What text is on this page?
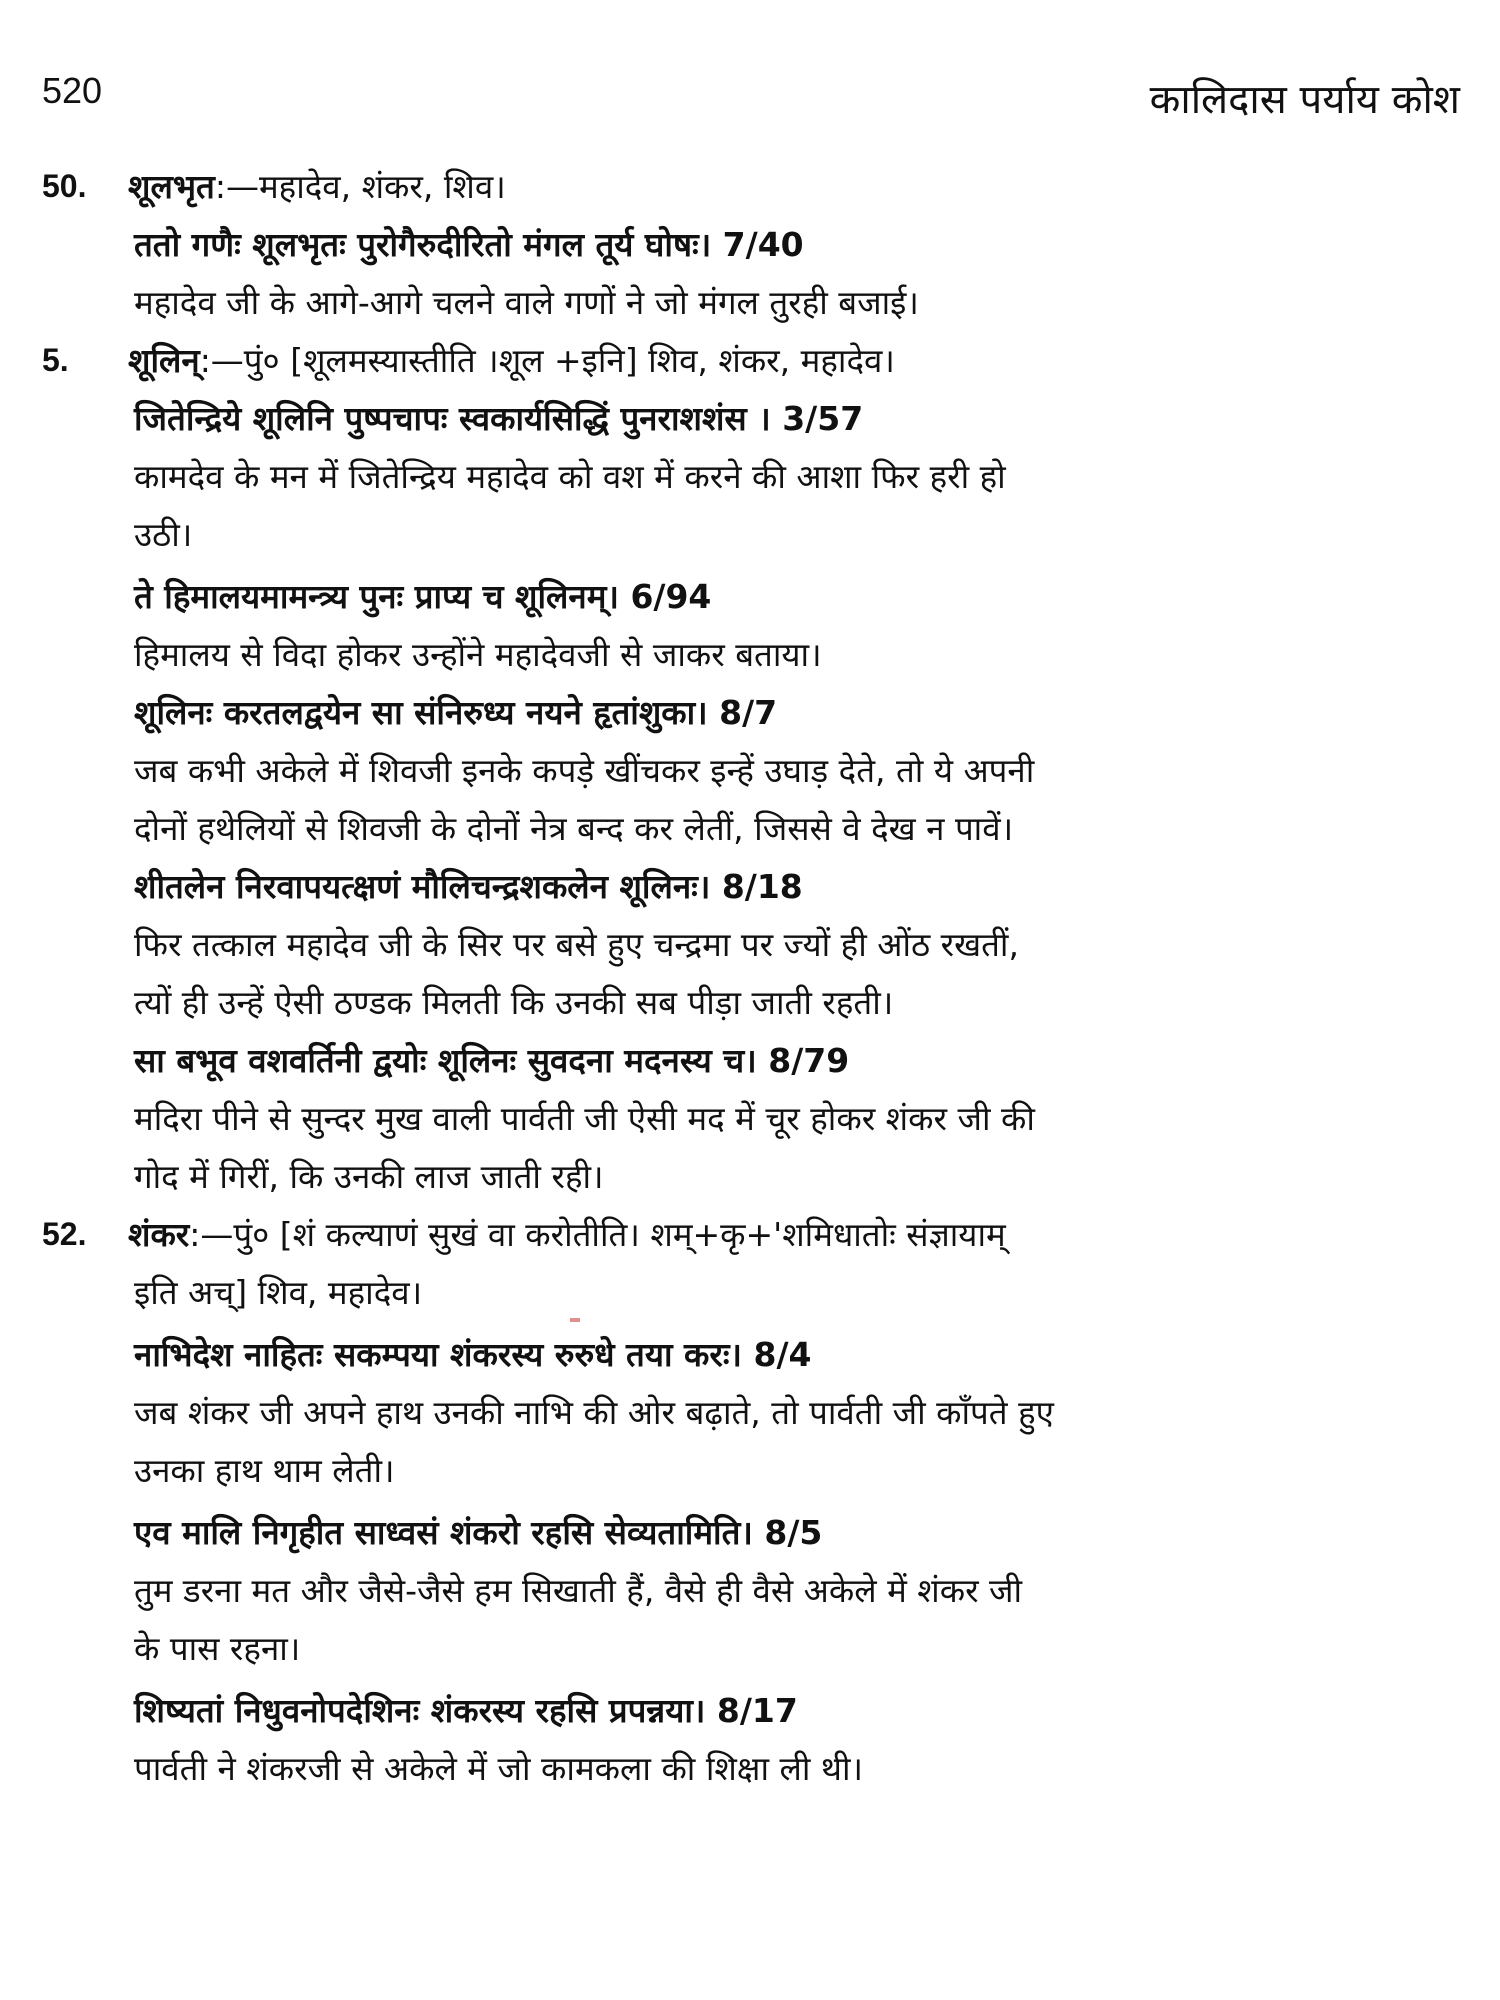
520	कालिदास पर्याय कोश
50.	शूलभृत :—महादेव, शंकर, शिव।
ततो गणैः शूलभृतः पुरोगैरुदीरितो मंगल तूर्य घोषः। 7/40
महादेव जी के आगे-आगे चलने वाले गणों ने जो मंगल तुरही बजाई।
5.	शूलिन् :—पुं० [शूलमस्यास्तीति ।शूल +इनि] शिव, शंकर, महादेव।
जितेन्द्रिये शूलिनि पुष्पचापः स्वकार्यसिद्धिं पुनराशशंस । 3/57
कामदेव के मन में जितेन्द्रिय महादेव को वश में करने की आशा फिर हरी हो
उठी।
ते हिमालयमामन्त्र्य पुनः प्राप्य च शूलिनम्। 6/94
हिमालय से विदा होकर उन्होंने महादेवजी से जाकर बताया।
शूलिनः करतलद्वयेन सा संनिरुध्य नयने हृतांशुका। 8/7
जब कभी अकेले में शिवजी इनके कपड़े खींचकर इन्हें उघाड़ देते, तो ये अपनी
दोनों हथेलियों से शिवजी के दोनों नेत्र बन्द कर लेतीं, जिससे वे देख न पावें।
शीतलेन निरवापयत्क्षणं मौलिचन्द्रशकलेन शूलिनः। 8/18
फिर तत्काल महादेव जी के सिर पर बसे हुए चन्द्रमा पर ज्यों ही ओंठ रखतीं,
त्यों ही उन्हें ऐसी ठण्डक मिलती कि उनकी सब पीड़ा जाती रहती।
सा बभूव वशवर्तिनी द्वयोः शूलिनः सुवदना मदनस्य च। 8/79
मदिरा पीने से सुन्दर मुख वाली पार्वती जी ऐसी मद में चूर होकर शंकर जी की
गोद में गिरीं, कि उनकी लाज जाती रही।
52.	शंकर :—पुं० [शं कल्याणं सुखं वा करोतीति। शम्+कृ+'शमिधातोः संज्ञायाम्
इति अच्] शिव, महादेव।
नाभिदेश नाहितः सकम्पया शंकरस्य रुरुधे तया करः। 8/4
जब शंकर जी अपने हाथ उनकी नाभि की ओर बढ़ाते, तो पार्वती जी काँपते हुए
उनका हाथ थाम लेती।
एव मालि निगृहीत साध्वसं शंकरो रहसि सेव्यतामिति। 8/5
तुम डरना मत और जैसे-जैसे हम सिखाती हैं, वैसे ही वैसे अकेले में शंकर जी
के पास रहना।
शिष्यतां निधुवनोपदेशिनः शंकरस्य रहसि प्रपन्नया। 8/17
पार्वती ने शंकरजी से अकेले में जो कामकला की शिक्षा ली थी।
